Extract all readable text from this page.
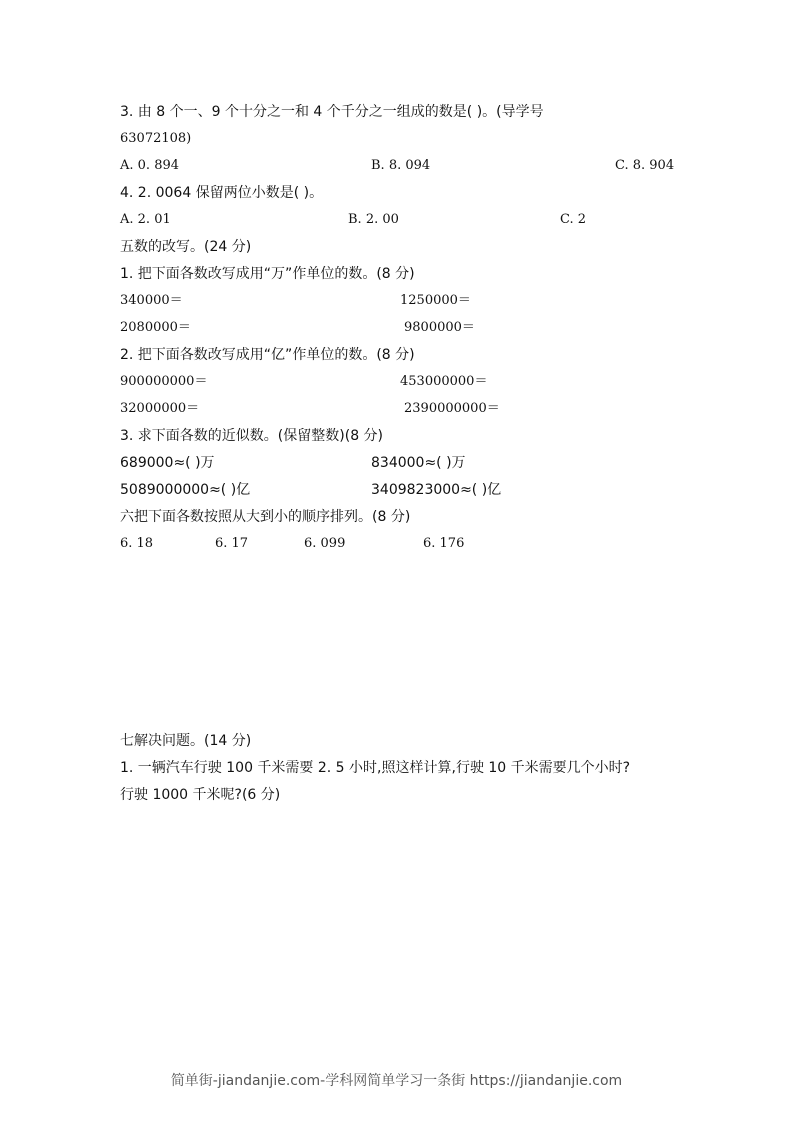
3. 由 8 个一、9 个十分之一和 4 个千分之一组成的数是( )。(导学号
63072108)
A. 0. 894	B. 8. 094	C. 8. 904
4. 2. 0064 保留两位小数是( )。
A. 2. 01	B. 2. 00	C. 2
五数的改写。(24 分)
1. 把下面各数改写成用“万”作单位的数。(8 分)
340000＝	1250000＝
2080000＝	9800000＝
2. 把下面各数改写成用“亿”作单位的数。(8 分)
900000000＝	453000000＝
32000000＝	2390000000＝
3. 求下面各数的近似数。(保留整数)(8 分)
689000≈( )万	834000≈( )万
5089000000≈( )亿	3409823000≈( )亿
六把下面各数按照从大到小的顺序排列。(8 分)
6. 18	6. 17	6. 099	6. 176
七解决问题。(14 分)
1. 一辆汽车行驶 100 千米需要 2. 5 小时,照这样计算,行驶 10 千米需要几个小时?
行驶 1000 千米呢?(6 分)
简单街-jiandanjie.com-学科网简单学习一条街 https://jiandanjie.com
